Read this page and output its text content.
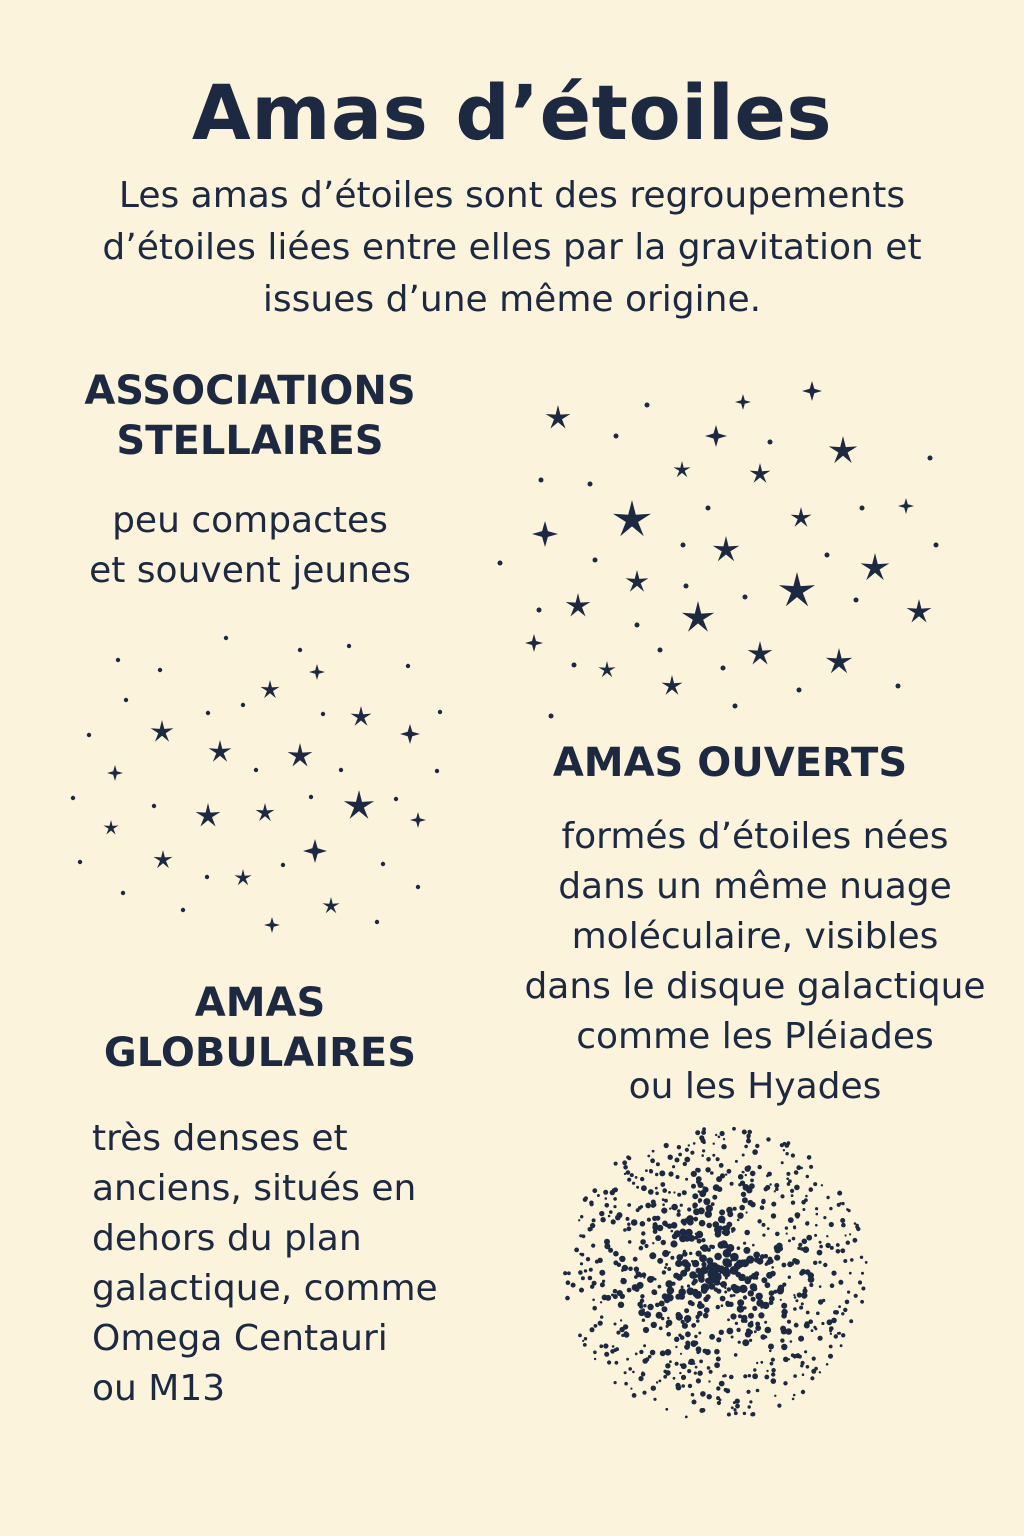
Amas d’étoiles

Les amas d’étoiles sont des regroupements d’étoiles liées entre elles par la gravitation et issues d’une même origine.

ASSOCIATIONS
STELLAIRES

peu compactes
et souvent jeunes

AMAS OUVERTS

formés d’étoiles nées
dans un même nuage
moléculaire, visibles
dans le disque galactique
comme les Pléiades
ou les Hyades

AMAS
GLOBULAIRES

très denses et
anciens, situés en
dehors du plan
galactique, comme
Omega Centauri
ou M13
